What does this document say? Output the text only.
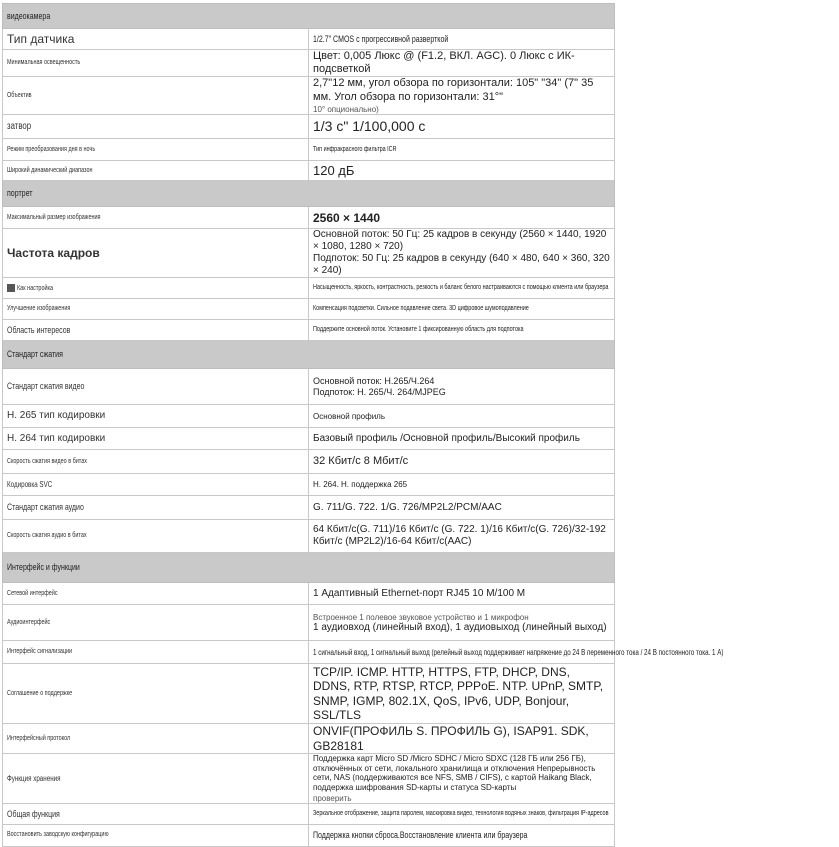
видеокамера	
Тип датчика	1/2.7" CMOS с прогрессивной разверткой
Минимальная освещенность	Цвет: 0,005 Люкс @ (F1.2, ВКЛ. AGC). 0 Люкс с ИК-подсветкой
Объектив	2,7"12 мм, угол обзора по горизонтали: 105" "34" (7" 35 мм. Угол обзора по горизонтали: 31°"
10° опционально)

затвор	1/3 с" 1/100,000 с
Режим преобразования дня в ночь	Тип инфракрасного фильтра ICR
Широкий динамический диапазон	120 дБ
портрет	
Максимальный размер изображения	2560 × 1440
Частота кадров	Основной поток: 50 Гц: 25 кадров в секунду (2560 × 1440, 1920 × 1080, 1280 × 720)
Подпоток: 50 Гц: 25 кадров в секунду (640 × 480, 640 × 360, 320 × 240)

Как настройка	Насыщенность, яркость, контрастность, резкость и баланс белого настраиваются с помощью клиента или браузера
Улучшение изображения	Компенсация подсветки. Сильное подавление света. 3D цифровое шумоподавление
Область интересов	Поддержите основной поток. Установите 1 фиксированную область для подпотока
Стандарт сжатия	
Стандарт сжатия видео	Основной поток: H.265/Ч.264
Подпоток: Н. 265/Ч. 264/MJPEG

H. 265 тип кодировки	Основной профиль
H. 264 тип кодировки	Базовый профиль /Основной профиль/Высокий профиль
Скорость сжатия видео в битах	32 Кбит/с 8 Мбит/с
Кодировка SVC	Н. 264. Н. поддержка 265
Стандарт сжатия аудио	G. 711/G. 722. 1/G. 726/MP2L2/PCM/AAC
Скорость сжатия аудио в битах	64 Кбит/с(G. 711)/16 Кбит/с (G. 722. 1)/16 Кбит/с(G. 726)/32-192 Кбит/с (MP2L2)/16-64 Кбит/с(AAC)
Интерфейс и функции	
Сетевой интерфейс	1 Адаптивный Ethernet-порт RJ45 10 M/100 M
Аудиоинтерфейс	Встроенное 1 полевое звуковое устройство и 1 микрофон
1 аудиовход (линейный вход), 1 аудиовыход (линейный выход)

Интерфейс сигнализации	1 сигнальный вход, 1 сигнальный выход (релейный выход поддерживает напряжение до 24 В переменного тока / 24 В постоянного тока. 1 A)
Соглашение о поддержке	TCP/IP. ICMP. HTTP, HTTPS, FTP, DHCP, DNS, DDNS, RTP, RTSP, RTCP, PPPoE. NTP. UPnP, SMTP, SNMP, IGMP, 802.1X, QoS, IPv6, UDP, Bonjour, SSL/TLS
Интерфейсный протокол	ONVIF(ПРОФИЛЬ S. ПРОФИЛЬ G), ISAP91. SDK, GB28181
Функция хранения	Поддержка карт Micro SD /Micro SDHC / Micro SDXC (128 ГБ или 256 ГБ), отключённых от сети, локального хранилища и отключения Непрерывность сети, NAS (поддерживаются все NFS, SMB / CIFS), с картой Haikang Black, поддержка шифрования SD-карты и статуса SD-карты
проверить

Общая функция	Зеркальное отображение, защита паролем, маскировка видео, технология водяных знаков, фильтрация IP-адресов
Восстановить заводскую конфигурацию	Поддержка кнопки сброса.Восстановление клиента или браузера
